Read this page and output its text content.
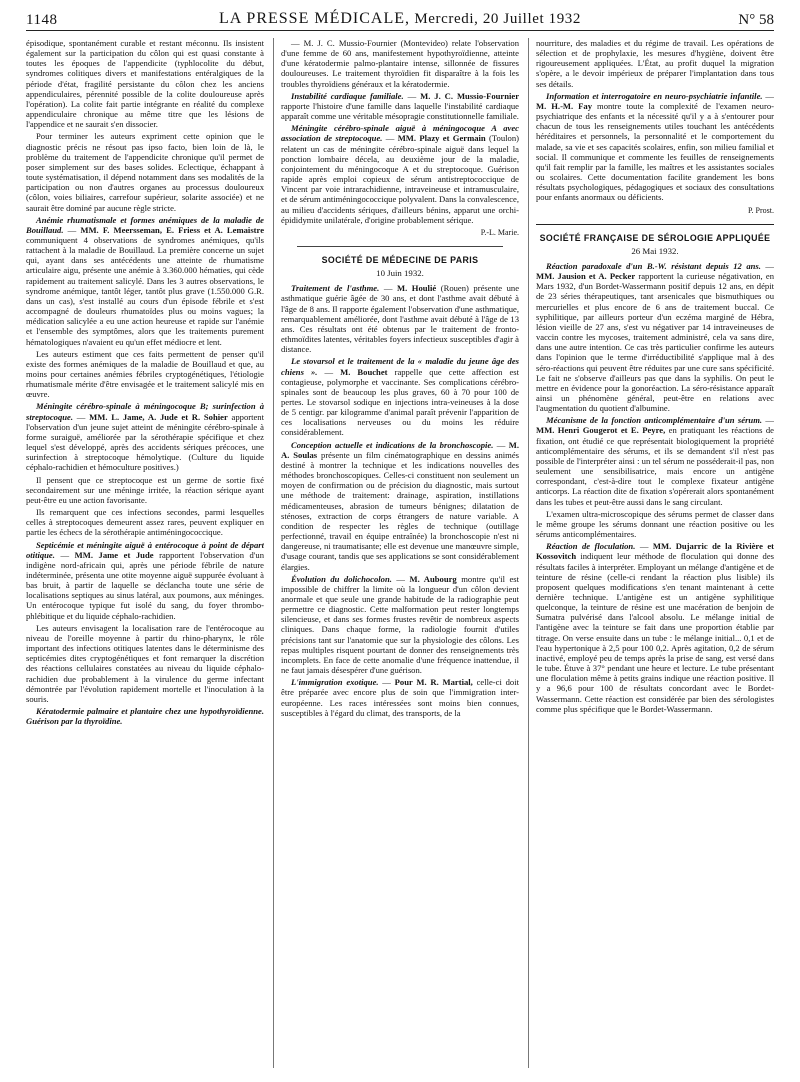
1148	LA PRESSE MÉDICALE, Mercredi, 20 Juillet 1932	N° 58

épisodique, spontanément curable et restant méconnu. Ils insistent également sur la participation du côlon qui est quasi constante à toutes les époques de l'appendicite (typhlocolite du début, syndromes colitiques divers et manifestations entéralgiques de la période d'état, fragilité persistante du côlon chez les anciens appendiculaires, pérennité possible de la colite douloureuse après l'opération). La colite fait partie intégrante en réalité du complexe appendiculaire chronique au même titre que les lésions de l'appendice et ne saurait s'en dissocier.

Pour terminer les auteurs expriment cette opinion que le diagnostic précis ne résout pas ipso facto, bien loin de là, le problème du traitement de l'appendicite chronique qu'il permet de poser simplement sur des bases solides. Eclectique, échappant à toute systématisation, il dépend notamment dans ses modalités de la participation ou non d'autres organes au processus douloureux (côlon, voies biliaires, carrefour supérieur, solarite associée) et ne saurait être dominé par aucune règle stricte.

Anémie rhumatismale et formes anémiques de la maladie de Bouillaud. — MM. F. Meersseman, E. Friess et A. Lemaistre communiquent 4 observations de syndromes anémiques, qu'ils rattachent à la maladie de Bouillaud. La première concerne un sujet qui, ayant dans ses antécédents une atteinte de rhumatisme articulaire aigu, présente une anémie à 3.360.000 hématies, qui cède rapidement au traitement salicylé. Dans les 3 autres observations, le syndrome anémique, tantôt léger, tantôt plus grave (1.550.000 G.R. dans un cas), s'est installé au cours d'un épisode fébrile et s'est accompagné de douleurs rhumatoïdes plus ou moins vagues; la médication salicylée a eu une action heureuse et rapide sur l'anémie et l'ensemble des symptômes, alors que les traitements purement hématologiques n'avaient eu qu'un effet médiocre et lent.

Les auteurs estiment que ces faits permettent de penser qu'il existe des formes anémiques de la maladie de Bouillaud et que, au moins pour certaines anémies fébriles cryptogénétiques, l'étiologie rhumatismale mérite d'être envisagée et le traitement salicylé mis en œuvre.

Méningite cérébro-spinale à méningocoque B; surinfection à streptocoque. — MM. L. Jame, A. Jude et R. Sohier apportent l'observation d'un jeune sujet atteint de méningite cérébro-spinale à forme suraiguë, améliorée par la sérothérapie spécifique et chez lequel s'est développé, après des accidents sériques précoces, une surinfection à streptocoque hémolytique. (Culture du liquide céphalo-rachidien et hémoculture positives.)

Il pensent que ce streptocoque est un germe de sortie fixé secondairement sur une méninge irritée, la réaction sérique ayant peut-être eu une action favorisante.

Ils remarquent que ces infections secondes, parmi lesquelles celles à streptocoques demeurent assez rares, peuvent expliquer en partie les échecs de la sérothérapie antiméningococcique.

Septicémie et méningite aiguë à entérocoque à point de départ otitique. — MM. Jame et Jude rapportent l'observation d'un indigène nord-africain qui, après une période fébrile de nature indéterminée, présenta une otite moyenne aiguë suppurée évoluant à bas bruit, à partir de laquelle se déclancha toute une série de localisations septiques au sinus latéral, aux poumons, aux méninges. Un entérocoque typique fut isolé du sang, du foyer thrombo-phlébitique et du liquide céphalo-rachidien.

Les auteurs envisagent la localisation rare de l'entérocoque au niveau de l'oreille moyenne à partir du rhino-pharynx, le rôle important des infections otitiques latentes dans le déterminisme des septicémies dites cryptogénétiques et font remarquer la discrétion des réactions cellulaires constatées au niveau du liquide céphalo-rachidien due probablement à la virulence du germe infectant démontrée par l'évolution rapidement mortelle et l'inoculation à la souris.

Kératodermie palmaire et plantaire chez une hypothyroïdienne. Guérison par la thyroïdine.

— M. J. C. Mussio-Fournier (Montevideo) relate l'observation d'une femme de 60 ans, manifestement hypothyroïdienne, atteinte d'une kératodermie palmo-plantaire intense, sillonnée de fissures douloureuses. Le traitement thyroïdien fit disparaître à la fois les troubles thyroïdiens généraux et la kératodermie.

Instabilité cardiaque familiale. — M. J. C. Mussio-Fournier rapporte l'histoire d'une famille dans laquelle l'instabilité cardiaque apparaît comme une véritable mésopragie constitutionnelle familiale.

Méningite cérébro-spinale aiguë à méningocoque A avec association de streptocoque. — MM. Plazy et Germain (Toulon) relatent un cas de méningite cérébro-spinale aiguë dans lequel la ponction lombaire décela, au deuxième jour de la maladie, conjointement du méningocoque A et du streptocoque. Guérison rapide après emploi copieux de sérum antistreptococcique de Vincent par voie intrarachidienne, intraveineuse et intramusculaire, et de sérum antiméningococcique polyvalent. Dans la convalescence, au milieu d'accidents sériques, d'ailleurs bénins, apparut une orchi-épididymite unilatérale, d'origine probablement sérique.

P.-L. Marie.
SOCIÉTÉ DE MÉDECINE DE PARIS
10 Juin 1932.

Traitement de l'asthme. — M. Houlié (Rouen) présente une asthmatique guérie âgée de 30 ans, et dont l'asthme avait débuté à l'âge de 8 ans. Il rapporte également l'observation d'une asthmatique, remarquablement améliorée, dont l'asthme avait débuté à l'âge de 13 ans. Ces résultats ont été obtenus par le traitement de fronto-ethmoïdites latentes, véritables foyers infectieux susceptibles d'agir à distance.

Le stovarsol et le traitement de la « maladie du jeune âge des chiens ». — M. Bouchet rappelle que cette affection est contagieuse, polymorphe et vaccinante. Ses complications cérébro-spinales sont de beaucoup les plus graves, 60 à 70 pour 100 de pertes. Le stovarsol sodique en injections intra-veineuses à la dose de 5 centigr. par kilogramme d'animal paraît prévenir l'apparition de ces localisations nerveuses ou du moins les réduire considérablement.

Conception actuelle et indications de la bronchoscopie. — M. A. Soulas présente un film cinématographique en dessins animés destiné à montrer la technique et les indications nouvelles des méthodes bronchoscopiques. Celles-ci constituent non seulement un moyen de confirmation ou de précision du diagnostic, mais surtout une méthode de traitement: drainage, aspiration, instillations médicamenteuses, abrasion de tumeurs bénignes; dilatation de sténoses, extraction de corps étrangers de nature variable. A condition de respecter les règles de technique (outillage perfectionné, travail en équipe entraînée) la bronchoscopie n'est ni dangereuse, ni traumatisante; elle est devenue une manœuvre simple, d'usage courant, tandis que ses applications se sont considérablement élargies.

Évolution du dolichocolon. — M. Aubourg montre qu'il est impossible de chiffrer la limite où la longueur d'un côlon devient anormale et que seule une grande habitude de la radiographie peut permettre ce diagnostic. Cette malformation peut rester longtemps silencieuse, et dans ses formes frustes revêtir de nombreux aspects cliniques. Dans chaque forme, la radiologie fournit d'utiles précisions tant sur l'anatomie que sur la physiologie des côlons. Les repas multiples risquent pourtant de donner des renseignements très incomplets. En face de cette anomalie d'une fréquence inattendue, il ne faut jamais désespérer d'une guérison.

L'immigration exotique. — Pour M. R. Martial, celle-ci doit être préparée avec encore plus de soin que l'immigration inter-européenne. Les races intéressées sont moins bien connues, susceptibles à l'égard du climat, des transports, de la

nourriture, des maladies et du régime de travail. Les opérations de sélection et de prophylaxie, les mesures d'hygiène, doivent être rigoureusement appliquées. L'État, au profit duquel la migration s'opère, a le devoir impérieux de préparer l'implantation dans tous ses détails.

Information et interrogatoire en neuro-psychiatrie infantile. — M. H.-M. Fay montre toute la complexité de l'examen neuro-psychiatrique des enfants et la nécessité qu'il y a à s'entourer pour chacun de tous les renseignements utiles touchant les antécédents héréditaires et personnels, la personnalité et le comportement du malade, sa vie et ses capacités scolaires, enfin, son milieu familial et social. Il communique et commente les feuilles de renseignements qu'il fait remplir par la famille, les maîtres et les assistantes sociales ou scolaires. Cette documentation facilite grandement les bons résultats psychologiques, pédagogiques et sociaux des consultations pour enfants anormaux ou déficients.

P. Prost.
SOCIÉTÉ FRANÇAISE DE SÉROLOGIE APPLIQUÉE
26 Mai 1932.

Réaction paradoxale d'un B.-W. résistant depuis 12 ans. — MM. Jausion et A. Pecker rapportent la curieuse négativation, en Mars 1932, d'un Bordet-Wassermann positif depuis 12 ans, en dépit de 23 séries thérapeutiques, tant arsenicales que bismuthiques ou mercurielles et plus encore de 6 ans de traitement buccal. Ce syphilitique, par ailleurs porteur d'un eczéma marginé de Hébra, lésion vieille de 27 ans, s'est vu négativer par 14 intraveineuses de vaccin contre les mycoses, traitement administré, cela va sans dire, dans une autre intention. Ce cas très particulier confirme les auteurs dans l'opinion que le terme d'irréductibilité s'applique mal à des séro-réactions qui peuvent être réduites par une cure sans spécificité. Le fait ne s'observe d'ailleurs pas que dans la syphilis. On peut le mettre en évidence pour la gonoréaction. La séro-résistance apparaît ainsi un phénomène général, peut-être en relations avec l'augmentation du quotient d'albumine.

Mécanisme de la fonction anticomplémentaire d'un sérum. — MM. Henri Gougerot et E. Peyre, en pratiquant les réactions de fixation, ont étudié ce que représentait biologiquement la propriété anticomplémentaire des sérums, et ils se demandent s'il n'est pas possible de l'interpréter ainsi : un tel sérum ne posséderait-il pas, non seulement une sensibilisatrice, mais encore un antigène correspondant, c'est-à-dire tout le complexe fixateur antigène anticorps. La réaction dite de fixation s'opérerait alors spontanément dans les tubes et peut-être aussi dans le sang circulant.

L'examen ultra-microscopique des sérums permet de classer dans le même groupe les sérums donnant une réaction positive ou les sérums anticomplémentaires.

Réaction de floculation. — MM. Dujarric de la Rivière et Kossovitch indiquent leur méthode de floculation qui donne des résultats faciles à interpréter. Employant un mélange d'antigène et de teinture de résine (celle-ci rendant la réaction plus lisible) ils proposent quelques modifications s'en tenant maintenant à cette dernière technique. L'antigène est un antigène syphilitique quelconque, la teinture de résine est une macération de benjoin de Sumatra pulvérisé dans l'alcool absolu. Le mélange initial de l'antigène avec la teinture se fait dans une proportion établie par titrage. On verse ensuite dans un tube : le mélange initial... 0,1 et de l'eau hypertonique à 2,5 pour 100 0,2. Après agitation, 0,2 de sérum inactivé, employé peu de temps après la prise de sang, est versé dans le tube. Étuve à 37° pendant une heure et lecture. Le tube présentant une floculation même à petits grains indique une réaction positive. Il y a 96,6 pour 100 de résultats concordant avec le Bordet-Wassermann. Cette réaction est considérée par bien des sérologistes comme plus spécifique que le Bordet-Wassermann.
